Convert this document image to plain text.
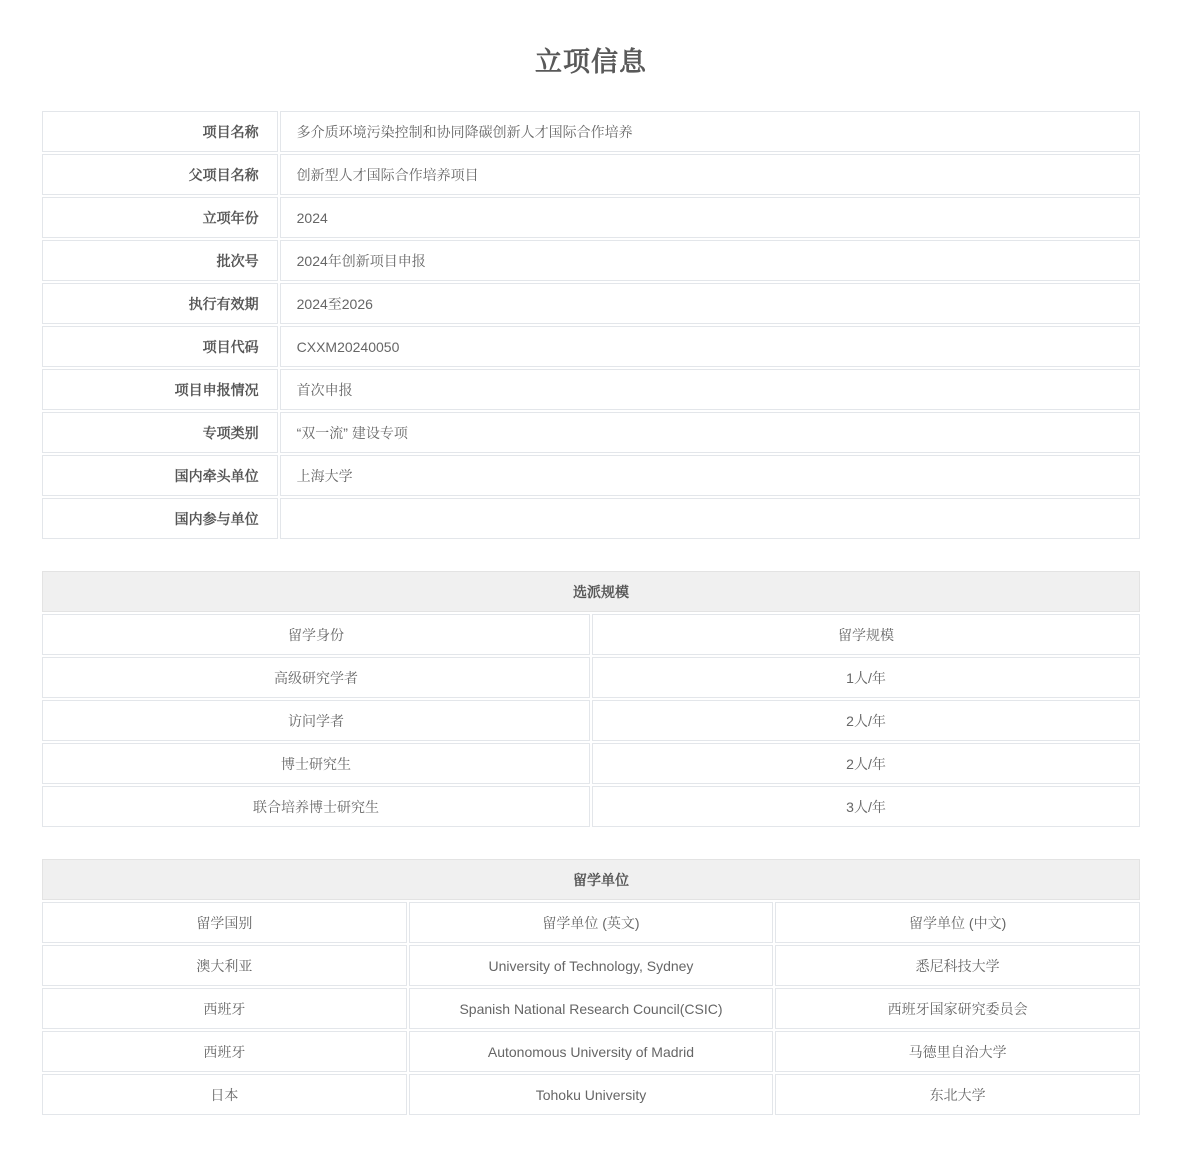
立项信息
项目名称	多介质环境污染控制和协同降碳创新人才国际合作培养
父项目名称	创新型人才国际合作培养项目
立项年份	2024
批次号	2024年创新项目申报
执行有效期	2024至2026
项目代码	CXXM20240050
项目申报情况	首次申报
专项类别	“双一流” 建设专项
国内牵头单位	上海大学
国内参与单位	
选派规模	
留学身份	留学规模
高级研究学者	1人/年
访问学者	2人/年
博士研究生	2人/年
联合培养博士研究生	3人/年
留学单位		
留学国别	留学单位 (英文)	留学单位 (中文)
澳大利亚	University of Technology, Sydney	悉尼科技大学
西班牙	Spanish National Research Council(CSIC)	西班牙国家研究委员会
西班牙	Autonomous University of Madrid	马德里自治大学
日本	Tohoku University	东北大学
